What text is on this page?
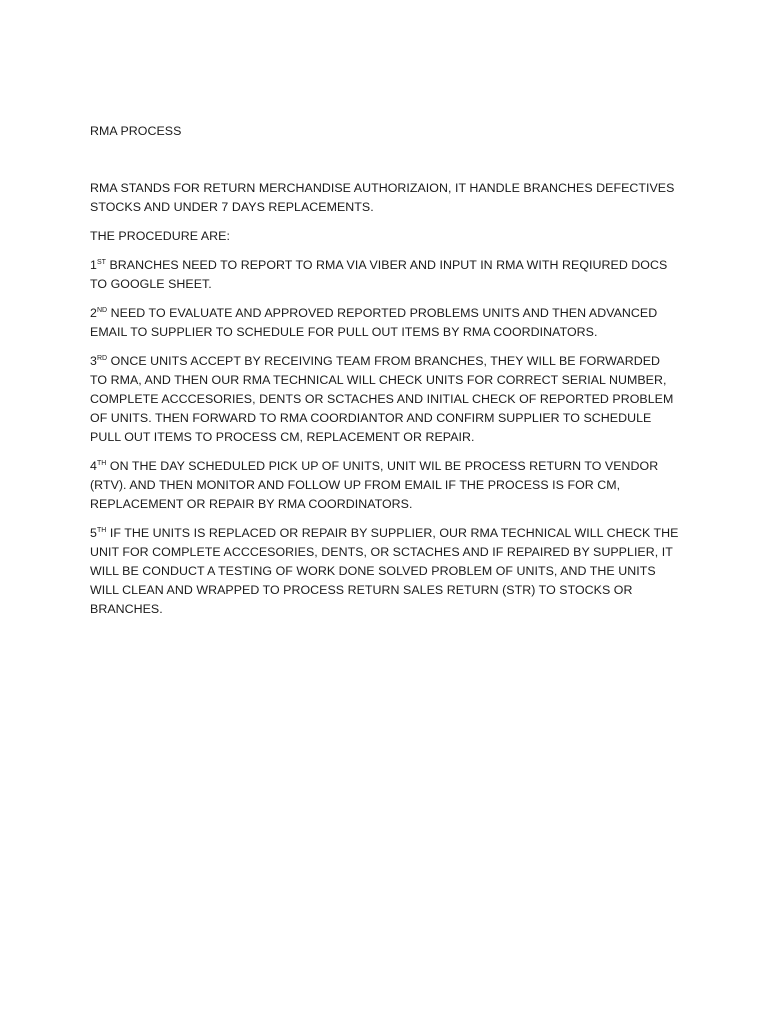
RMA PROCESS

RMA STANDS FOR RETURN MERCHANDISE AUTHORIZAION, IT HANDLE BRANCHES DEFECTIVES STOCKS AND UNDER 7 DAYS REPLACEMENTS.

THE PROCEDURE ARE:

1ST BRANCHES NEED TO REPORT TO RMA VIA VIBER AND INPUT IN RMA WITH REQIURED DOCS TO GOOGLE SHEET.

2ND NEED TO EVALUATE AND APPROVED REPORTED PROBLEMS UNITS AND THEN ADVANCED EMAIL TO SUPPLIER TO SCHEDULE FOR PULL OUT ITEMS BY RMA COORDINATORS.

3RD ONCE UNITS ACCEPT BY RECEIVING TEAM FROM BRANCHES, THEY WILL BE FORWARDED TO RMA, AND THEN OUR RMA TECHNICAL WILL CHECK UNITS FOR CORRECT SERIAL NUMBER, COMPLETE ACCCESORIES, DENTS OR SCTACHES AND INITIAL CHECK OF REPORTED PROBLEM OF UNITS. THEN FORWARD TO RMA COORDIANTOR AND CONFIRM SUPPLIER TO SCHEDULE PULL OUT ITEMS TO PROCESS CM, REPLACEMENT OR REPAIR.

4TH ON THE DAY SCHEDULED PICK UP OF UNITS, UNIT WIL BE PROCESS RETURN TO VENDOR (RTV). AND THEN MONITOR AND FOLLOW UP FROM EMAIL IF THE PROCESS IS FOR CM, REPLACEMENT OR REPAIR BY RMA COORDINATORS.

5TH IF THE UNITS IS REPLACED OR REPAIR BY SUPPLIER, OUR RMA TECHNICAL WILL CHECK THE UNIT FOR COMPLETE ACCCESORIES, DENTS, OR SCTACHES AND IF REPAIRED BY SUPPLIER, IT WILL BE CONDUCT A TESTING OF WORK DONE SOLVED PROBLEM OF UNITS, AND THE UNITS WILL CLEAN AND WRAPPED TO PROCESS RETURN SALES RETURN (STR) TO STOCKS OR BRANCHES.
